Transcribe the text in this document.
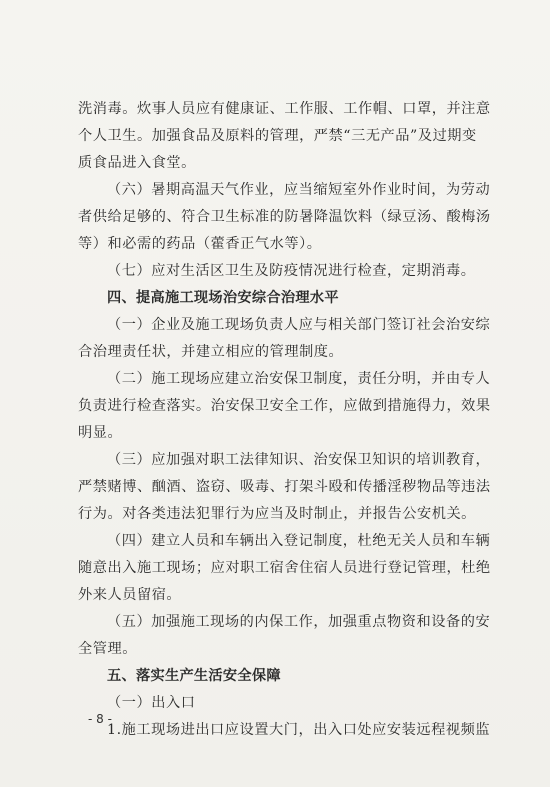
洗消毒。炊事人员应有健康证、工作服、工作帽、口罩，并注意
个人卫生。加强食品及原料的管理，严禁“三无产品”及过期变
质食品进入食堂。
（六）暑期高温天气作业，应当缩短室外作业时间，为劳动
者供给足够的、符合卫生标准的防暑降温饮料（绿豆汤、酸梅汤
等）和必需的药品（藿香正气水等）。
（七）应对生活区卫生及防疫情况进行检查，定期消毒。
四、提高施工现场治安综合治理水平
（一）企业及施工现场负责人应与相关部门签订社会治安综
合治理责任状，并建立相应的管理制度。
（二）施工现场应建立治安保卫制度，责任分明，并由专人
负责进行检查落实。治安保卫安全工作，应做到措施得力，效果
明显。
（三）应加强对职工法律知识、治安保卫知识的培训教育，
严禁赌博、酗酒、盗窃、吸毒、打架斗殴和传播淫秽物品等违法
行为。对各类违法犯罪行为应当及时制止，并报告公安机关。
（四）建立人员和车辆出入登记制度，杜绝无关人员和车辆
随意出入施工现场；应对职工宿舍住宿人员进行登记管理，杜绝
外来人员留宿。
（五）加强施工现场的内保工作，加强重点物资和设备的安
全管理。
五、落实生产生活安全保障
（一）出入口
1.施工现场进出口应设置大门，出入口处应安装远程视频监
- 8 -
